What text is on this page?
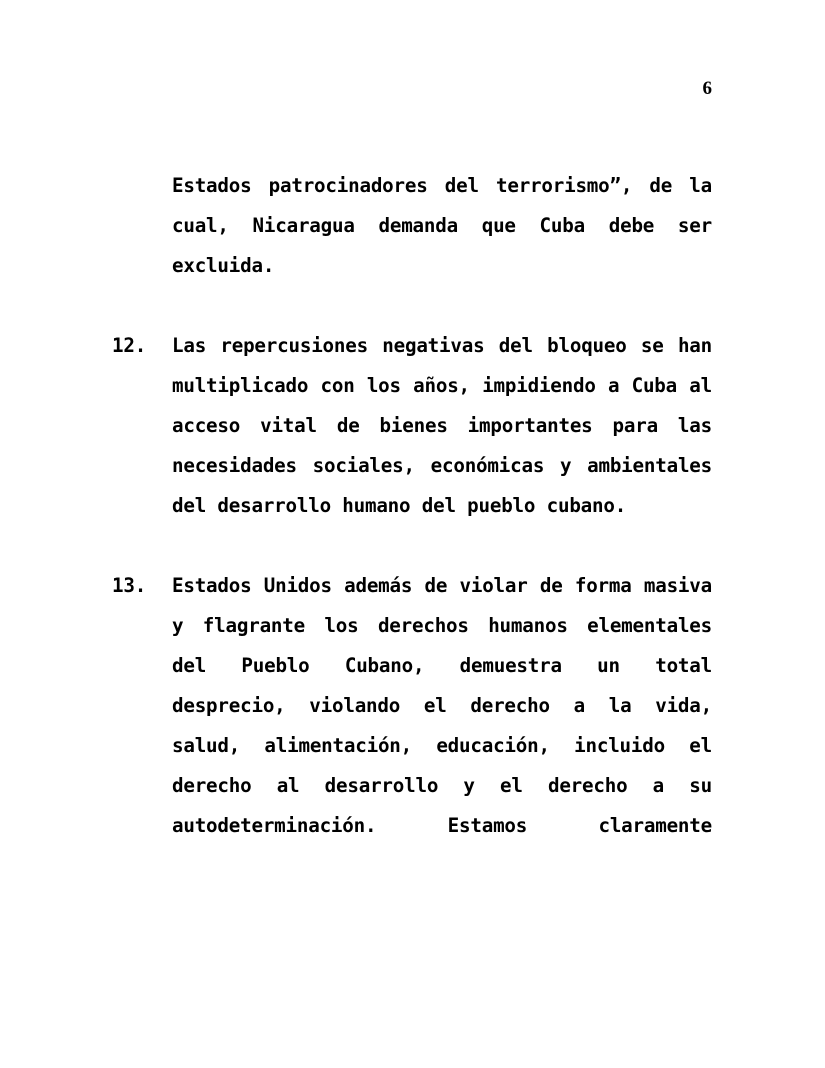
6
Estados patrocinadores del terrorismo”, de la cual, Nicaragua demanda que Cuba debe ser excluida.
12.	Las repercusiones negativas del bloqueo se han multiplicado con los años, impidiendo a Cuba al acceso vital de bienes importantes para las necesidades sociales, económicas y ambientales del desarrollo humano del pueblo cubano.
13.	Estados Unidos además de violar de forma masiva y flagrante los derechos humanos elementales del Pueblo Cubano, demuestra un total desprecio, violando el derecho a la vida, salud, alimentación, educación, incluido el derecho al desarrollo y el derecho a su autodeterminación. Estamos claramente
